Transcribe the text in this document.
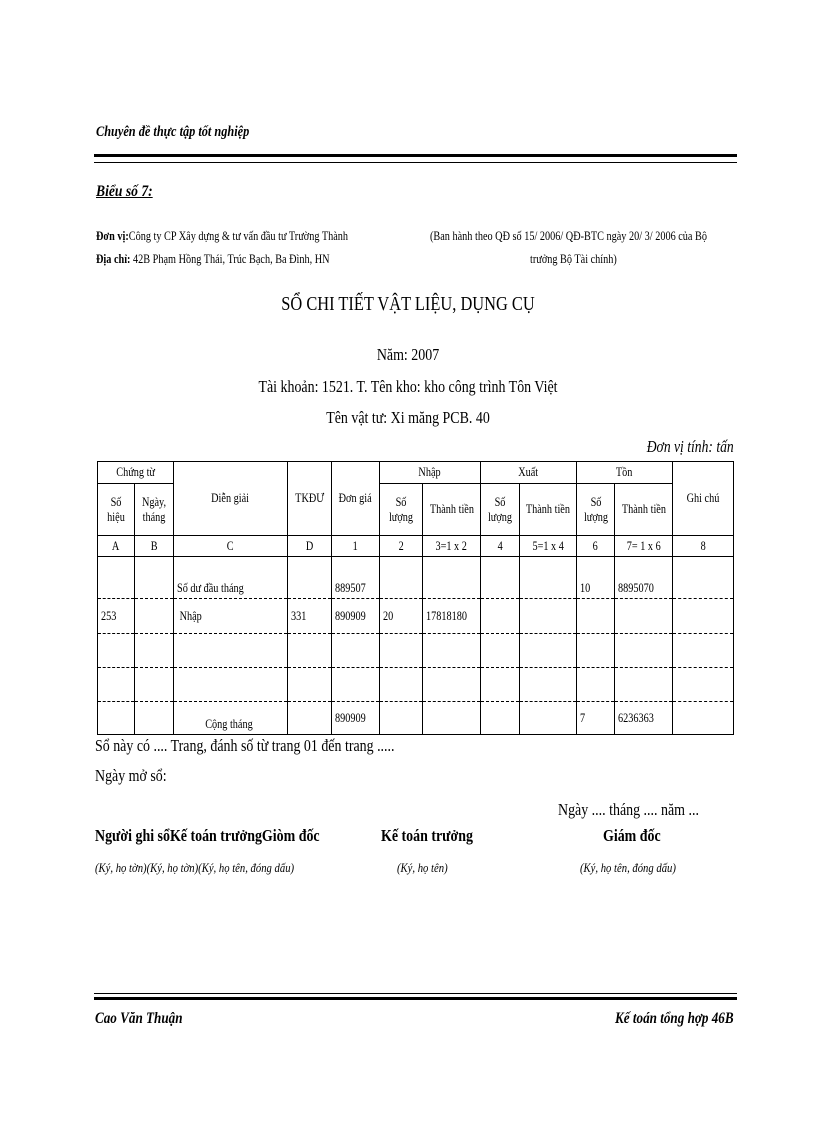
Chuyên đề thực tập tốt nghiệp
Biểu số 7:
Đơn vị:Công ty CP Xây dựng & tư vấn đầu tư Trường Thành
Địa chỉ: 42B Phạm Hồng Thái, Trúc Bạch, Ba Đình, HN
(Ban hành theo QĐ số 15/ 2006/ QĐ-BTC ngày 20/ 3/ 2006 của Bộ
trưởng Bộ Tài chính)
SỔ CHI TIẾT VẬT LIỆU, DỤNG CỤ
Năm: 2007
Tài khoản: 1521. T. Tên kho: kho công trình Tôn Việt
Tên vật tư: Xi măng PCB. 40
Đơn vị tính: tấn
Chứng từ		Diễn giải	TKĐƯ	Đơn giá	Nhập		Xuất		Tồn		Ghi chú
Số hiệu	Ngày, tháng				Số lượng	Thành tiền	Số lượng	Thành tiền	Số lượng	Thành tiền	
A	B	C	D	1	2	3=1 x 2	4	5=1 x 4	6	7= 1 x 6	8
		Số dư đầu tháng		889507					10	8895070	
253		Nhập	331	890909	20	17818180					

		Cộng tháng		890909					7	6236363	
Sổ này có .... Trang, đánh số từ trang 01 đến trang .....
Ngày mở sổ:
Ngày .... tháng .... năm ...
Người ghi sổKế toán trưởngGiòm đốc
(Ký, họ tờn)(Ký, họ tờn)(Ký, họ tên, đóng dấu)
Kế toán trưởng
(Ký, họ tên)
Giám đốc
(Ký, họ tên, đóng dấu)
Cao Văn Thuận	Kế toán tổng hợp 46B
